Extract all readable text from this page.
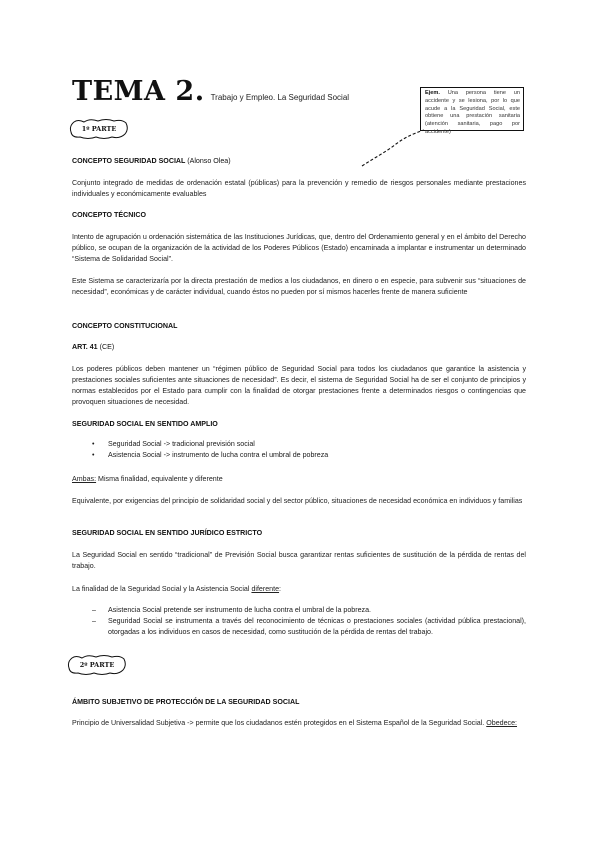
TEMA 2. Trabajo y Empleo. La Seguridad Social	Ejem. Una persona tiene un accidente y se lesiona, por lo que acude a la Seguridad Social, este obtiene una prestación sanitaria (atención sanitaria, pago por accidente)
1º PARTE
CONCEPTO SEGURIDAD SOCIAL (Alonso Olea)
Conjunto integrado de medidas de ordenación estatal (públicas) para la prevención y remedio de riesgos personales mediante prestaciones individuales y económicamente evaluables
CONCEPTO TÉCNICO
Intento de agrupación u ordenación sistemática de las Instituciones Jurídicas, que, dentro del Ordenamiento general y en el ámbito del Derecho público, se ocupan de la organización de la actividad de los Poderes Públicos (Estado) encaminada a implantar e instrumentar un determinado “Sistema de Solidaridad Social”.
Este Sistema se caracterizaría por la directa prestación de medios a los ciudadanos, en dinero o en especie, para subvenir sus “situaciones de necesidad”, económicas y de carácter individual, cuando éstos no pueden por sí mismos hacerles frente de manera suficiente
CONCEPTO CONSTITUCIONAL
ART. 41 (CE)
Los poderes públicos deben mantener un “régimen público de Seguridad Social para todos los ciudadanos que garantice la asistencia y prestaciones sociales suficientes ante situaciones de necesidad”. Es decir, el sistema de Seguridad Social ha de ser el conjunto de principios y normas establecidos por el Estado para cumplir con la finalidad de otorgar prestaciones frente a determinados riesgos o contingencias que provoquen situaciones de necesidad.
SEGURIDAD SOCIAL EN SENTIDO AMPLIO
• Seguridad Social -> tradicional previsión social
• Asistencia Social -> instrumento de lucha contra el umbral de pobreza
Ambas: Misma finalidad, equivalente y diferente
Equivalente, por exigencias del principio de solidaridad social y del sector público, situaciones de necesidad económica en individuos y familias
SEGURIDAD SOCIAL EN SENTIDO JURÍDICO ESTRICTO
La Seguridad Social en sentido “tradicional” de Previsión Social busca garantizar rentas suficientes de sustitución de la pérdida de rentas del trabajo.
La finalidad de la Seguridad Social y la Asistencia Social diferente:
– Asistencia Social pretende ser instrumento de lucha contra el umbral de la pobreza.
– Seguridad Social se instrumenta a través del reconocimiento de técnicas o prestaciones sociales (actividad pública prestacional), otorgadas a los individuos en casos de necesidad, como sustitución de la pérdida de rentas del trabajo.
2º PARTE
ÁMBITO SUBJETIVO DE PROTECCIÓN DE LA SEGURIDAD SOCIAL
Principio de Universalidad Subjetiva -> permite que los ciudadanos estén protegidos en el Sistema Español de la Seguridad Social. Obedece:
